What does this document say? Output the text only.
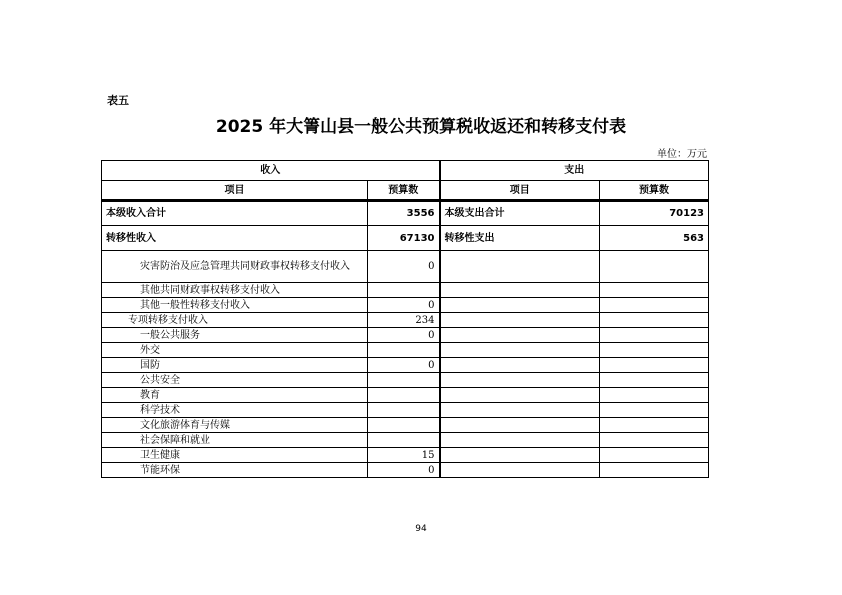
表五
2025 年大箐山县一般公共预算税收返还和转移支付表
单位：万元
收入		支出	
项目	预算数	项目	预算数
本级收入合计	3556	本级支出合计	70123
转移性收入	67130	转移性支出	563
灾害防治及应急管理共同财政事权转移支付收入	0		
其他共同财政事权转移支付收入			
其他一般性转移支付收入	0		
专项转移支付收入	234		
一般公共服务	0		
外交			
国防	0		
公共安全			
教育			
科学技术			
文化旅游体育与传媒			
社会保障和就业			
卫生健康	15		
节能环保	0		
94
